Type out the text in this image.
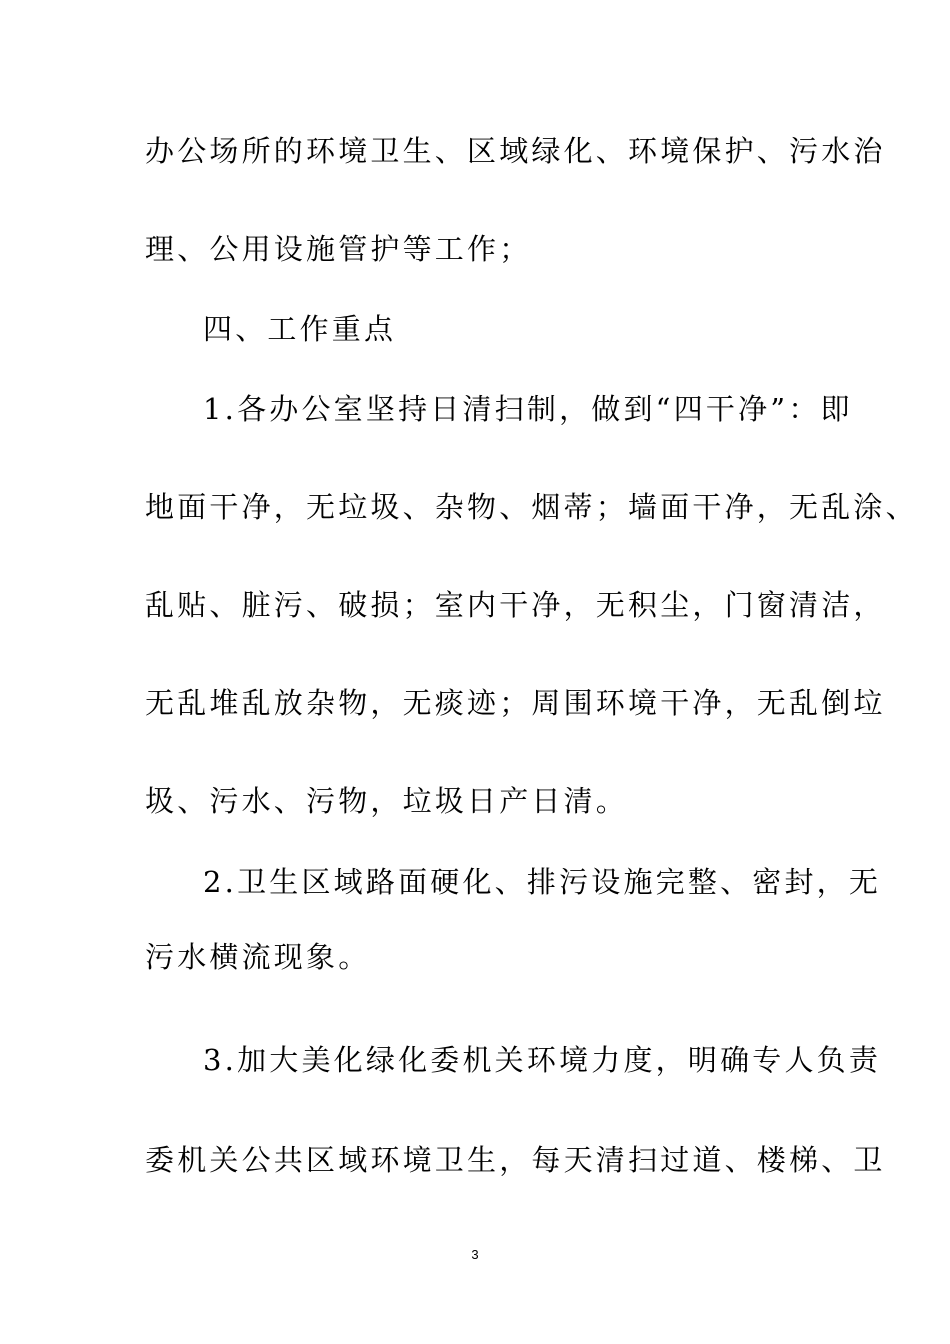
办公场所的环境卫生、区域绿化、环境保护、污水治
理、公用设施管护等工作；
四、工作重点
1.各办公室坚持日清扫制，做到“四干净”：即
地面干净，无垃圾、杂物、烟蒂；墙面干净，无乱涂、
乱贴、脏污、破损；室内干净，无积尘，门窗清洁，
无乱堆乱放杂物，无痰迹；周围环境干净，无乱倒垃
圾、污水、污物，垃圾日产日清。
2.卫生区域路面硬化、排污设施完整、密封，无
污水横流现象。
3.加大美化绿化委机关环境力度，明确专人负责
委机关公共区域环境卫生，每天清扫过道、楼梯、卫
3
